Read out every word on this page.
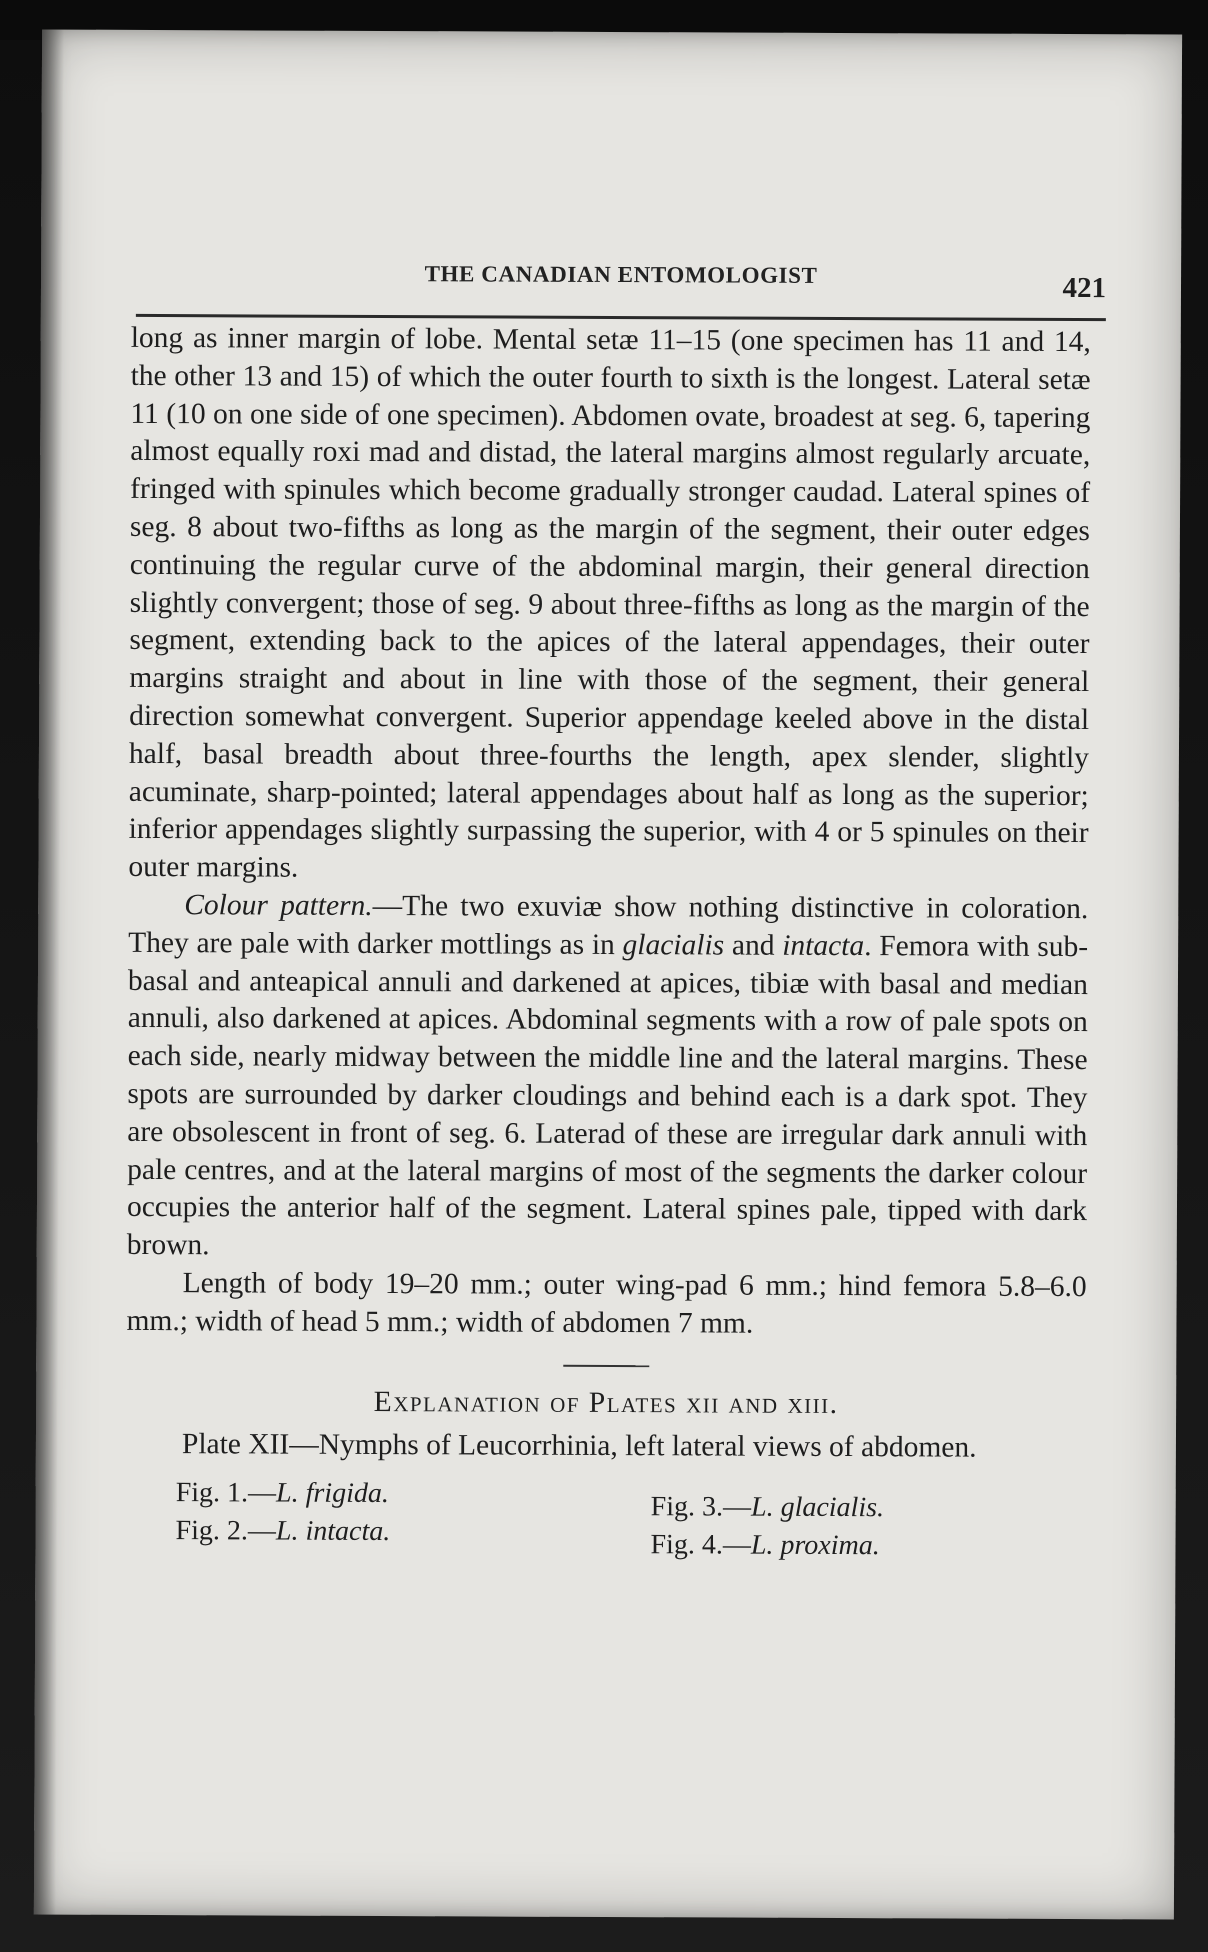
THE CANADIAN ENTOMOLOGIST	421

long as inner margin of lobe. Mental setæ 11–15 (one specimen has 11 and 14, the other 13 and 15) of which the outer fourth to sixth is the longest. Lateral setæ 11 (10 on one side of one specimen). Abdomen ovate, broadest at seg. 6, tapering almost equally roxi mad and distad, the lateral margins almost regularly arcuate, fringed with spinules which become gradually stronger caudad. Lateral spines of seg. 8 about two-fifths as long as the margin of the segment, their outer edges continuing the regular curve of the abdominal margin, their general direction slightly convergent; those of seg. 9 about three-fifths as long as the margin of the segment, extending back to the apices of the lateral appendages, their outer margins straight and about in line with those of the segment, their general direction somewhat convergent. Superior appendage keeled above in the distal half, basal breadth about three-fourths the length, apex slender, slightly acuminate, sharp-pointed; lateral appendages about half as long as the superior; inferior appendages slightly surpassing the superior, with 4 or 5 spinules on their outer margins.

Colour pattern.—The two exuviæ show nothing distinctive in coloration. They are pale with darker mottlings as in glacialis and intacta. Femora with sub-basal and anteapical annuli and darkened at apices, tibiæ with basal and median annuli, also darkened at apices. Abdominal segments with a row of pale spots on each side, nearly midway between the middle line and the lateral margins. These spots are surrounded by darker cloudings and behind each is a dark spot. They are obsolescent in front of seg. 6. Laterad of these are irregular dark annuli with pale centres, and at the lateral margins of most of the segments the darker colour occupies the anterior half of the segment. Lateral spines pale, tipped with dark brown.

Length of body 19–20 mm.; outer wing-pad 6 mm.; hind femora 5.8–6.0 mm.; width of head 5 mm.; width of abdomen 7 mm.

Explanation of Plates xii and xiii.

Plate XII—Nymphs of Leucorrhinia, left lateral views of abdomen.

Fig. 1.—L. frigida.
Fig. 2.—L. intacta.
Fig. 3.—L. glacialis.
Fig. 4.—L. proxima.
